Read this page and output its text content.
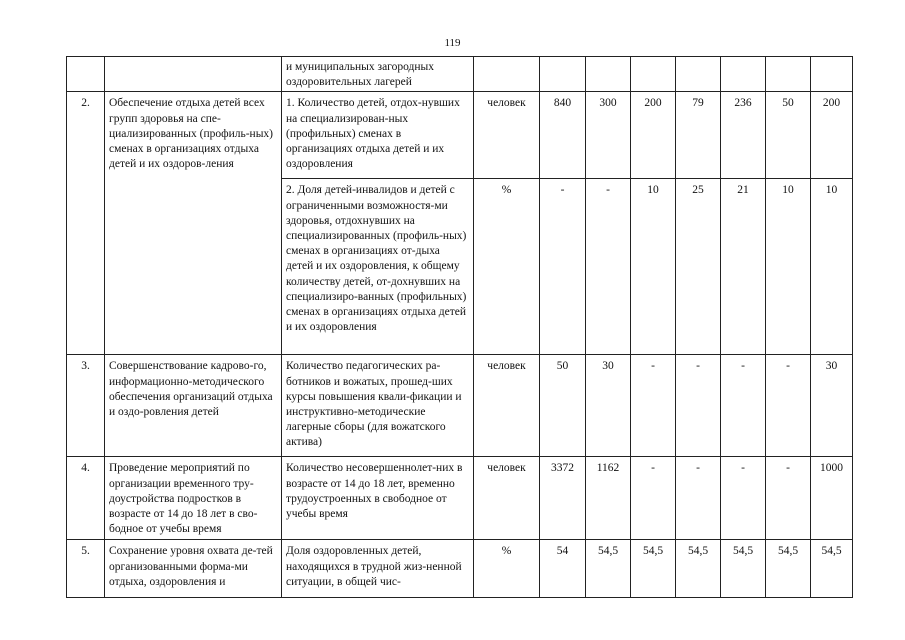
119
		и муниципальных загородных оздоровительных лагерей								
2.	Обеспечение отдыха детей всех групп здоровья на спе-циализированных (профиль-ных) сменах в организациях отдыха детей и их оздоров-ления	1. Количество детей, отдох-нувших на специализирован-ных (профильных) сменах в организациях отдыха детей и их оздоровления	человек	840	300	200	79	236	50	200
		2. Доля детей-инвалидов и детей с ограниченными возможностя-ми здоровья, отдохнувших на специализированных (профиль-ных) сменах в организациях от-дыха детей и их оздоровления, к общему количеству детей, от-дохнувших на специализиро-ванных (профильных) сменах в организациях отдыха детей и их оздоровления	%	-	-	10	25	21	10	10
3.	Совершенствование кадрово-го, информационно-методического обеспечения организаций отдыха и оздо-ровления детей	Количество педагогических ра-ботников и вожатых, прошед-ших курсы повышения квали-фикации и инструктивно-методические лагерные сборы (для вожатского актива)	человек	50	30	-	-	-	-	30
4.	Проведение мероприятий по организации временного тру-доустройства подростков в возрасте от 14 до 18 лет в сво-бодное от учебы время	Количество несовершеннолет-них в возрасте от 14 до 18 лет, временно трудоустроенных в свободное от учебы время	человек	3372	1162	-	-	-	-	1000
5.	Сохранение уровня охвата де-тей организованными форма-ми отдыха, оздоровления и	Доля оздоровленных детей, находящихся в трудной жиз-ненной ситуации, в общей чис-	%	54	54,5	54,5	54,5	54,5	54,5	54,5
